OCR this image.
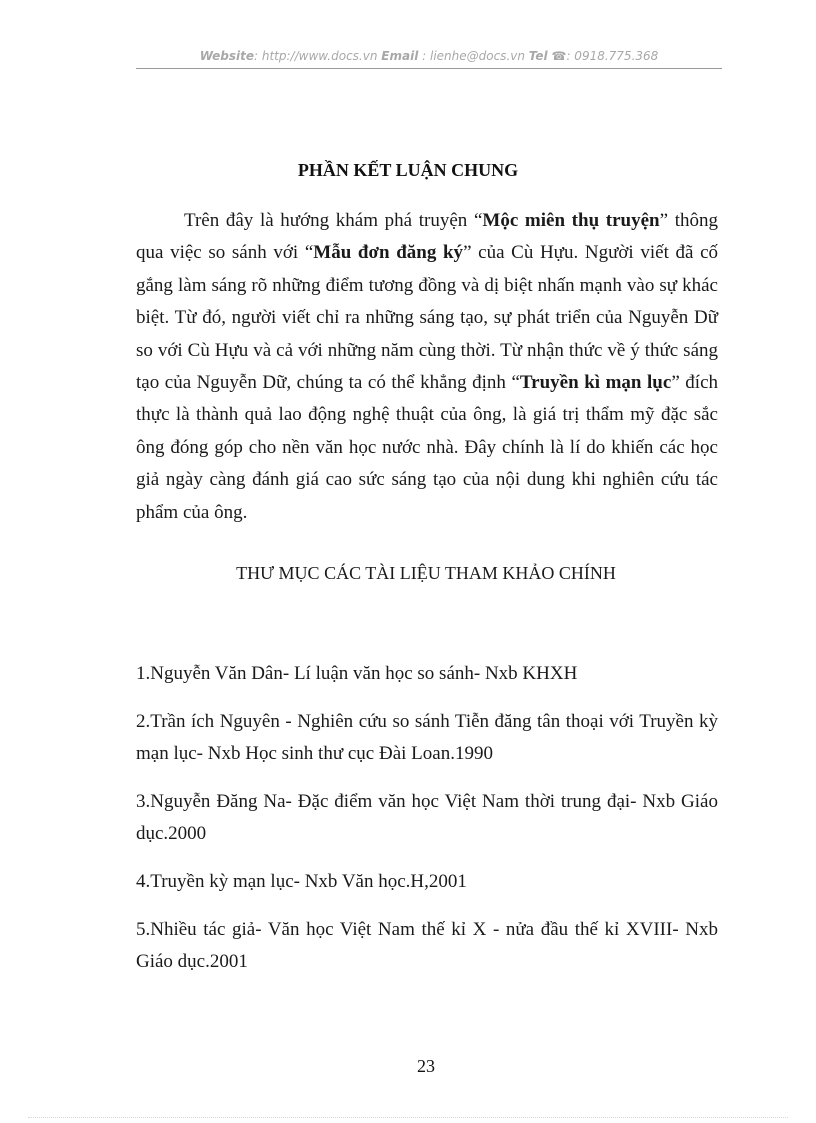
Website: http://www.docs.vn Email : lienhe@docs.vn Tel ☎: 0918.775.368
PHẦN KẾT LUẬN CHUNG
Trên đây là hướng khám phá truyện “Mộc miên thụ truyện” thông qua việc so sánh với “Mẫu đơn đăng ký” của Cù Hựu. Người viết đã cố gắng làm sáng rõ những điểm tương đồng và dị biệt nhấn mạnh vào sự khác biệt. Từ đó, người viết chỉ ra những sáng tạo, sự phát triển của Nguyễn Dữ so với Cù Hựu và cả với những năm cùng thời. Từ nhận thức về ý thức sáng tạo của Nguyễn Dữ, chúng ta có thể khẳng định “Truyền kì mạn lục” đích thực là thành quả lao động nghệ thuật của ông, là giá trị thẩm mỹ đặc sắc ông đóng góp cho nền văn học nước nhà. Đây chính là lí do khiến các học giả ngày càng đánh giá cao sức sáng tạo của nội dung khi nghiên cứu tác phẩm của ông.
THƯ MỤC CÁC TÀI LIỆU THAM KHẢO CHÍNH

1.Nguyễn Văn Dân- Lí luận văn học so sánh- Nxb KHXH

2.Trần ích Nguyên - Nghiên cứu so sánh Tiễn đăng tân thoại với Truyền kỳ mạn lục- Nxb Học sinh thư cục Đài Loan.1990

3.Nguyễn Đăng Na- Đặc điểm văn học Việt Nam thời trung đại- Nxb Giáo dục.2000

4.Truyền kỳ mạn lục- Nxb Văn học.H,2001

5.Nhiều tác giả- Văn học Việt Nam thế kỉ X - nửa đầu thế kỉ XVIII- Nxb Giáo dục.2001

23
